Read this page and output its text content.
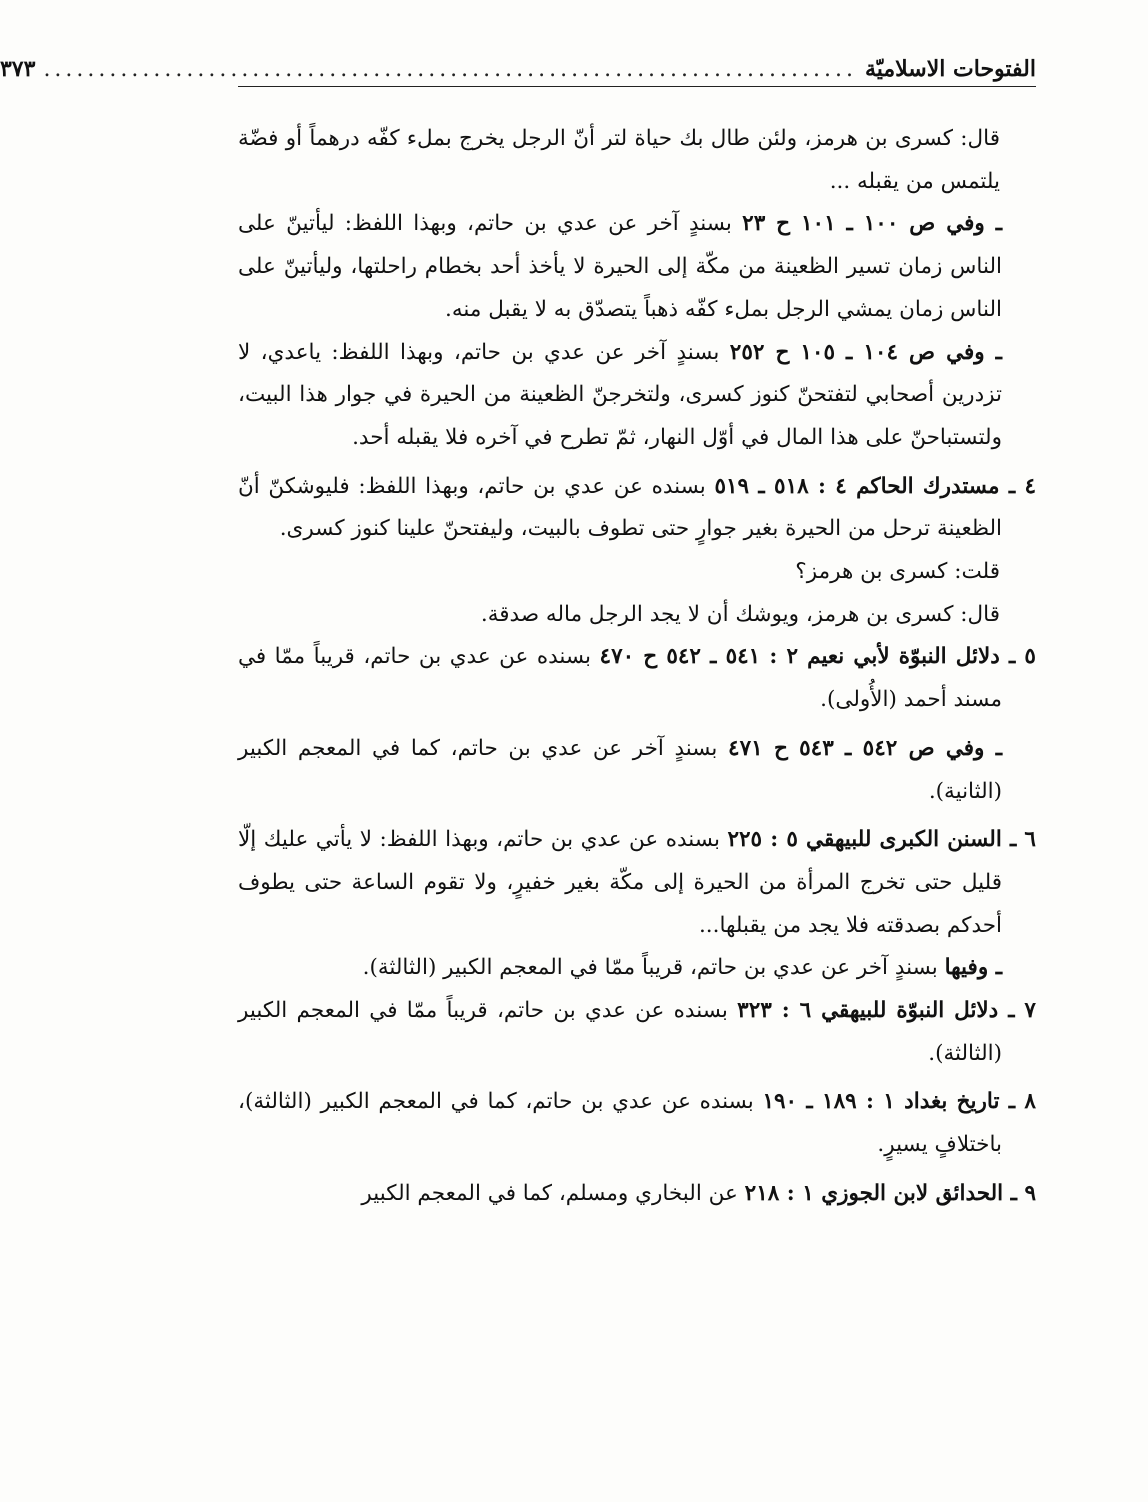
الفتوحات الاسلاميّة
..........................................................................
٣٧٣

قال: كسرى بن هرمز، ولئن طال بك حياة لتر أنّ الرجل يخرج بملء كفّه درهماً أو فضّة يلتمس من يقبله ...

ـ وفي ص ١٠٠ ـ ١٠١ ح ٢٣ بسندٍ آخر عن عدي بن حاتم، وبهذا اللفظ: ليأتينّ على الناس زمان تسير الظعينة من مكّة إلى الحيرة لا يأخذ أحد بخطام راحلتها، وليأتينّ على الناس زمان يمشي الرجل بملء كفّه ذهباً يتصدّق به لا يقبل منه.

ـ وفي ص ١٠٤ ـ ١٠٥ ح ٢٥٢ بسندٍ آخر عن عدي بن حاتم، وبهذا اللفظ: ياعدي، لا تزدرين أصحابي لتفتحنّ كنوز كسرى، ولتخرجنّ الظعينة من الحيرة في جوار هذا البيت، ولتستباحنّ على هذا المال في أوّل النهار، ثمّ تطرح في آخره فلا يقبله أحد.

٤ ـ مستدرك الحاكم ٤ : ٥١٨ ـ ٥١٩ بسنده عن عدي بن حاتم، وبهذا اللفظ: فليوشكنّ أنّ الظعينة ترحل من الحيرة بغير جوارٍ حتى تطوف بالبيت، وليفتحنّ علينا كنوز كسرى.

قلت: كسرى بن هرمز؟

قال: كسرى بن هرمز، ويوشك أن لا يجد الرجل ماله صدقة.

٥ ـ دلائل النبوّة لأبي نعيم ٢ : ٥٤١ ـ ٥٤٢ ح ٤٧٠ بسنده عن عدي بن حاتم، قريباً ممّا في مسند أحمد (الأُولى).

ـ وفي ص ٥٤٢ ـ ٥٤٣ ح ٤٧١ بسندٍ آخر عن عدي بن حاتم، كما في المعجم الكبير (الثانية).

٦ ـ السنن الكبرى للبيهقي ٥ : ٢٢٥ بسنده عن عدي بن حاتم، وبهذا اللفظ: لا يأتي عليك إلّا قليل حتى تخرج المرأة من الحيرة إلى مكّة بغير خفيرٍ، ولا تقوم الساعة حتى يطوف أحدكم بصدقته فلا يجد من يقبلها...

ـ وفيها بسندٍ آخر عن عدي بن حاتم، قريباً ممّا في المعجم الكبير (الثالثة).

٧ ـ دلائل النبوّة للبيهقي ٦ : ٣٢٣ بسنده عن عدي بن حاتم، قريباً ممّا في المعجم الكبير (الثالثة).

٨ ـ تاريخ بغداد ١ : ١٨٩ ـ ١٩٠ بسنده عن عدي بن حاتم، كما في المعجم الكبير (الثالثة)، باختلافٍ يسيرٍ.

٩ ـ الحدائق لابن الجوزي ١ : ٢١٨ عن البخاري ومسلم، كما في المعجم الكبير
